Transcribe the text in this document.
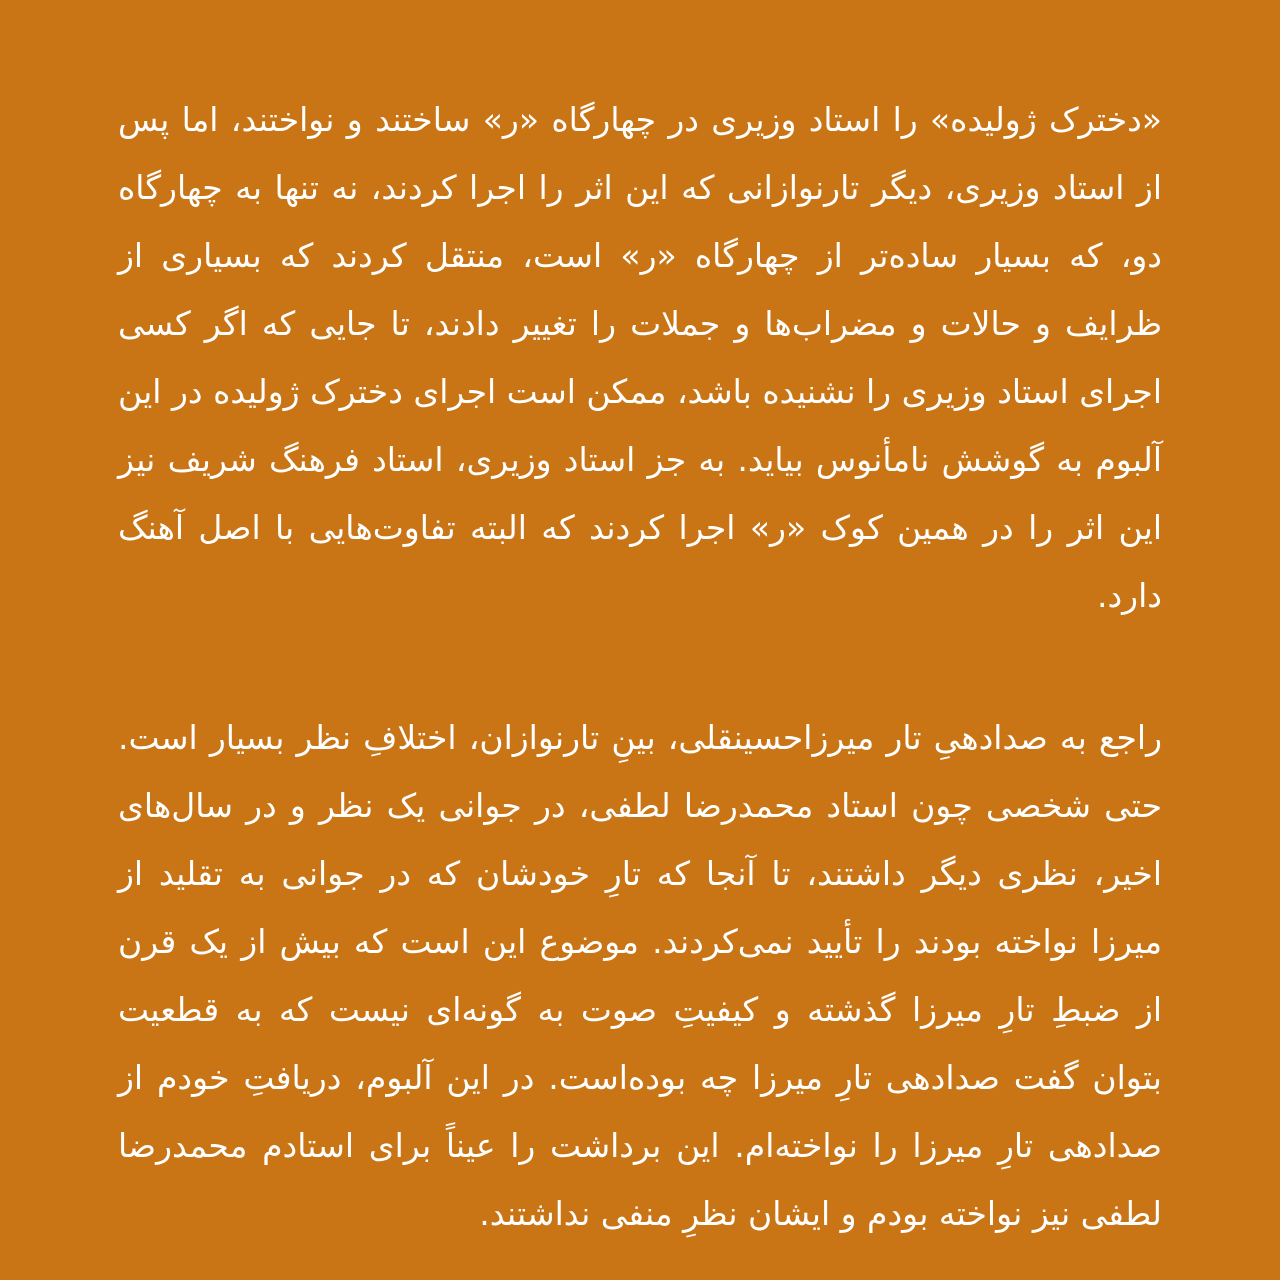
«دخترک ژولیده» را استاد وزیری در چهارگاه «ر» ساختند و نواختند، اما پس از استاد وزیری، دیگر تارنوازانی که این اثر را اجرا کردند، نه تنها به چهارگاه دو، که بسیار ساده‌تر از چهارگاه «ر» است، منتقل کردند که بسیاری از ظرایف و حالات و مضراب‌ها و جملات را تغییر دادند، تا جایی که اگر کسی اجرای استاد وزیری را نشنیده باشد، ممکن است اجرای دخترک ژولیده در این آلبوم به گوشش نامأنوس بیاید. به جز استاد وزیری، استاد فرهنگ شریف نیز این اثر را در همین کوک «ر» اجرا کردند که البته تفاوت‌هایی با اصل آهنگ دارد.

راجع به صدادهیِ تار میرزاحسینقلی، بینِ تارنوازان، اختلافِ نظر بسیار است. حتی شخصی چون استاد محمدرضا لطفی، در جوانی یک نظر و در سال‌های اخیر، نظری دیگر داشتند، تا آنجا که تارِ خودشان که در جوانی به تقلید از میرزا نواخته بودند را تأیید نمی‌کردند. موضوع این است که بیش از یک قرن از ضبطِ تارِ میرزا گذشته و کیفیتِ صوت به گونه‌ای نیست که به قطعیت بتوان گفت صدادهی تارِ میرزا چه بوده‌است. در این آلبوم، دریافتِ خودم از صدادهی تارِ میرزا را نواخته‌ام. این برداشت را عیناً برای استادم محمدرضا لطفی نیز نواخته بودم و ایشان نظرِ منفی نداشتند.
